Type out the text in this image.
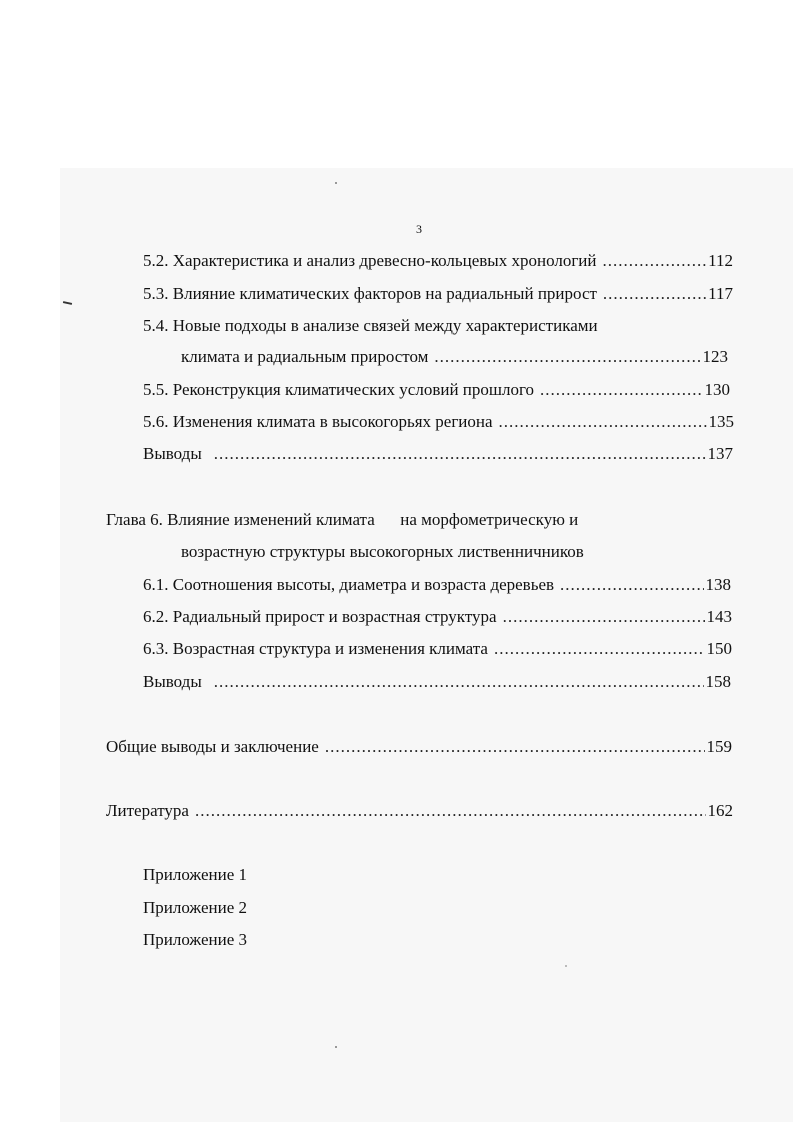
3
5.2. Характеристика и анализ древесно-кольцевых хронологий .....	112
5.3. Влияние климатических факторов на радиальный прирост .....	117
5.4. Новые подходы в анализе связей между характеристиками
климата и радиальным приростом .....	123
5.5. Реконструкция климатических условий прошлого .....	130
5.6. Изменения климата в высокогорьях региона .....	135
Выводы .....	137
Глава 6. Влияние изменений климата      на морфометрическую и
возрастную структуры высокогорных лиственничников
6.1. Соотношения высоты, диаметра и возраста деревьев .....	138
6.2. Радиальный прирост и возрастная структура .....	143
6.3. Возрастная структура и изменения климата .....	150
Выводы .....	158
Общие выводы и заключение .....	159
Литература .....	162
Приложение 1
Приложение 2
Приложение 3
